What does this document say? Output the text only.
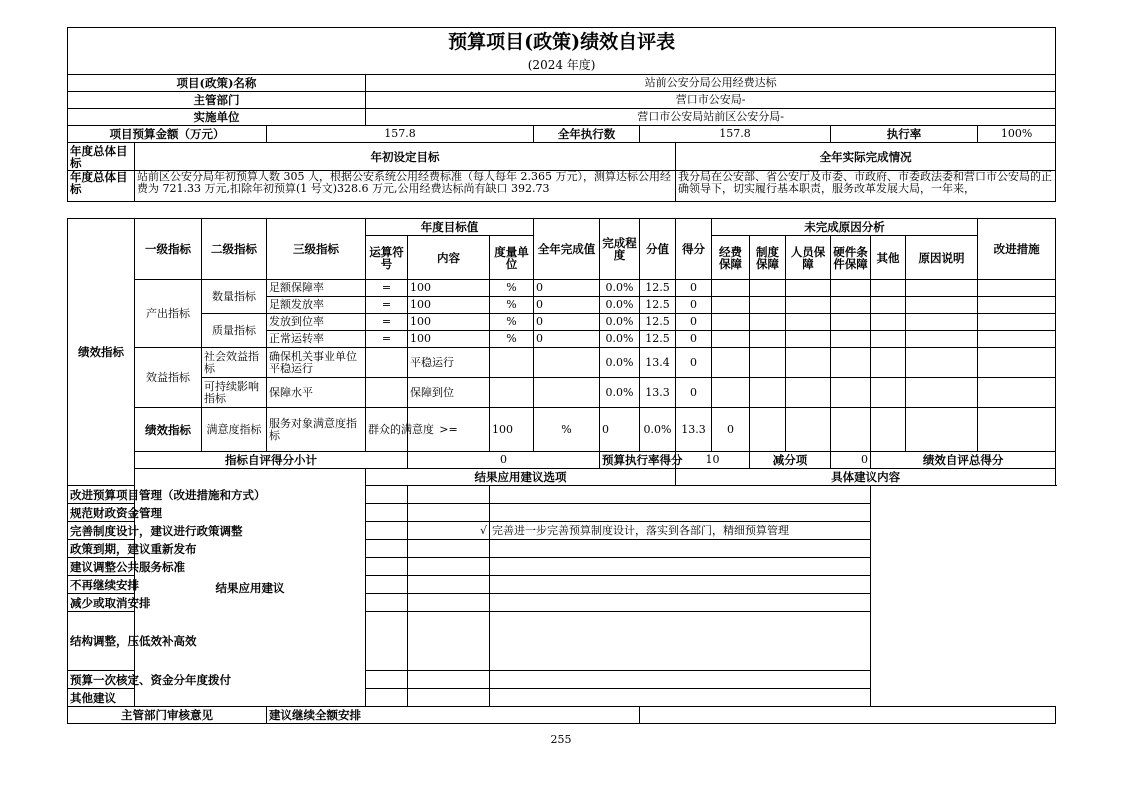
预算项目(政策)绩效自评表																		
(2024 年度)																		
项目(政策)名称				站前公安分局公用经费达标														
主管部门				营口市公安局-														
实施单位				营口市公安局站前区公安分局-														
项目预算金额（万元）			157.8				全年执行数		157.8					执行率			100%	
年度总体目标	年初设定目标									全年实际完成情况								
年度总体目标	站前区公安分局年初预算人数 305 人，根据公安系统公用经费标准（每人每年 2.365 万元），测算达标公用经费为 721.33 万元,扣除年初预算(1 号文)328.6 万元,公用经费达标尚有缺口 392.73									我分局在公安部、省公安厅及市委、市政府、市委政法委和营口市公安局的正确领导下，切实履行基本职责，服务改革发展大局，一年来，								

绩效指标	一级指标	二级指标	三级指标	年度目标值			全年完成值	完成程度	分值	得分	未完成原因分析						改进措施	
				运算符号	内容	度量单位					经费保障	制度保障	人员保障	硬件条件保障	其他	原因说明		
	产出指标	数量指标	足额保障率	=	100	%	0	0.0%	12.5	0								
			足额发放率	=	100	%	0	0.0%	12.5	0								
		质量指标	发放到位率	=	100	%	0	0.0%	12.5	0								
			正常运转率	=	100	%	0	0.0%	12.5	0								
	效益指标	社会效益指标	确保机关事业单位平稳运行		平稳运行			0.0%	13.4	0								
		可持续影响指标	保障水平		保障到位			0.0%	13.3	0								
	绩效指标	满意度指标	服务对象满意度指标	群众的满意度	>=	100	%	0	0.0%	13.3	0							
	指标自评得分小计				0			预算执行率得分		10		减分项		0	绩效自评总得分	
	结果应用建议			结果应用建议选项						具体建议内容								
改进预算项目管理（改进措施和方式）																		
规范财政资金管理																		
完善制度设计，建议进行政策调整					√	完善进一步完善预算制度设计，落实到各部门，精细预算管理												
政策到期，建议重新发布																		
建议调整公共服务标准																		
不再继续安排																		
减少或取消安排																		
结构调整，压低效补高效																		
预算一次核定、资金分年度拨付																		
其他建议																		
主管部门审核意见			建议继续全额安排															
255
